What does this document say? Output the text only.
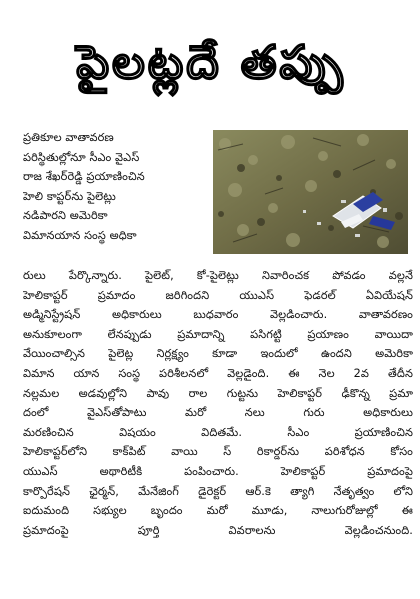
పైలట్లదే తప్పు
ప్రతికూల వాతావరణ
పరిస్థితుల్లోనూ సీఎం వైఎస్
రాజ శేఖర్‌రెడ్డి ప్రయాణించిన
హెలి కాప్టర్‌ను పైలెట్లు
నడిపారని అమెరికా
విమానయాన సంస్థ అధికా
రులు పేర్కొన్నారు. పైలెట్, కో-పైలెట్లు నివారించక పోవడం వల్లనే
హెలికాప్టర్ ప్రమాదం జరిగిందని యుఎస్ ఫెడరల్ ఏవియేషన్
అడ్మినిస్ట్రేషన్ అధికారులు బుధవారం వెల్లడించారు. వాతావరణం
అనుకూలంగా లేనప్పుడు ప్రమాదాన్ని పసిగట్టి ప్రయాణం వాయిదా
వేయించాల్సిన పైలెట్ల నిర్లక్ష్యం కూడా ఇందులో ఉందని అమెరికా
విమాన యాన సంస్థ పరిశీలనలో వెల్లడైంది. ఈ నెల 2వ తేదీన
నల్లమల అడవుల్లోని పావు రాల గుట్టను హెలికాప్టర్ ఢీకొన్న ప్రమా
దంలో వైఎస్‌తోపాటు మరో నలు గురు అధికారులు
మరణించిన విషయం విదితమే. సీఎం ప్రయాణించిన
హెలికాప్టర్‌లోని కాక్‌పిట్ వాయి స్ రికార్డర్‌ను పరిశోధన కోసం
యుఎస్ అథారిటీకి పంపించారు. హెలికాప్టర్ ప్రమాదంపై
కార్పొరేషన్ ఛైర్మన్, మేనేజింగ్ డైరెక్టర్ ఆర్.కె త్యాగి నేతృత్వం లోని
ఐదుమంది సభ్యుల బృందం మరో మూడు, నాలుగురోజుల్లో ఈ
ప్రమాదంపై పూర్తి వివరాలను వెల్లడించనుంది.
